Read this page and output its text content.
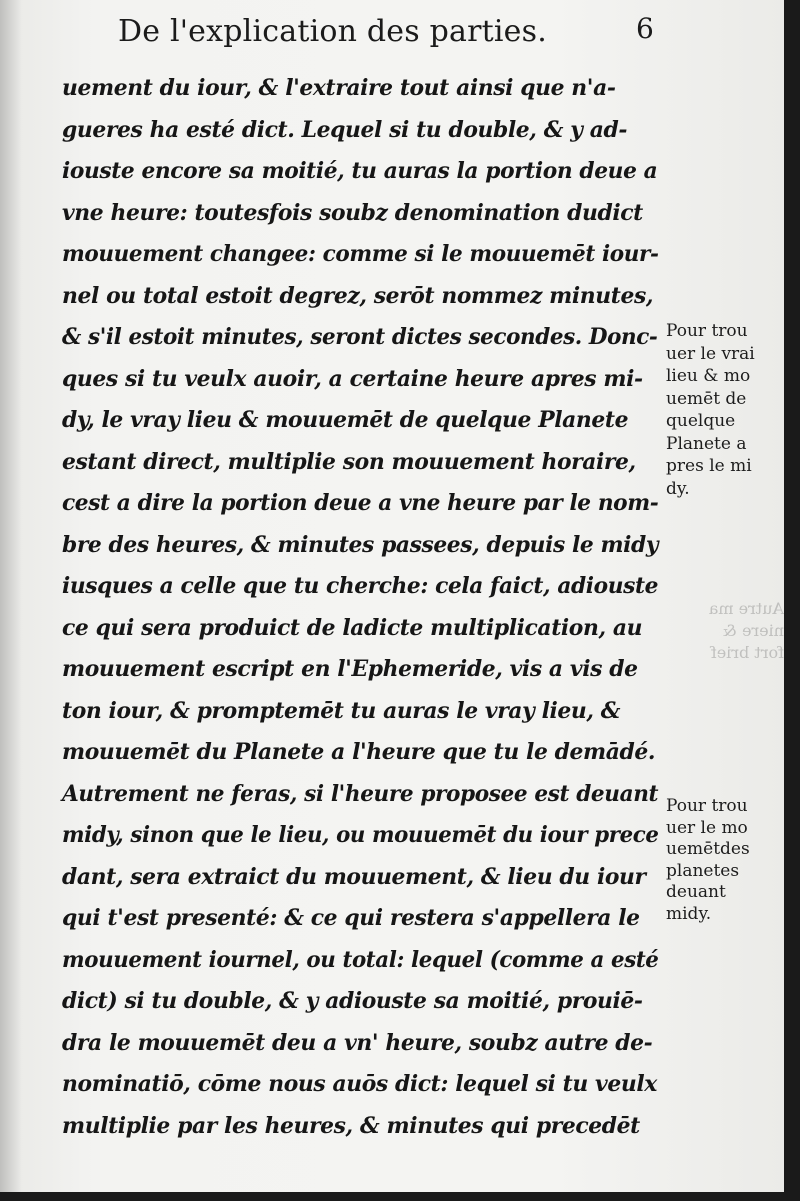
De l'explication des parties.	6
uement du iour, & l'extraire tout ainsi que n'a-
gueres ha esté dict. Lequel si tu double, & y ad-
iouste encore sa moitié, tu auras la portion deue a
vne heure: toutesfois soubz denomination dudict
mouuement changee: comme si le mouuemēt iour-
nel ou total estoit degrez, serōt nommez minutes,
& s'il estoit minutes, seront dictes secondes. Donc-
ques si tu veulx auoir, a certaine heure apres mi-
dy, le vray lieu & mouuemēt de quelque Planete
estant direct, multiplie son mouuement horaire,
cest a dire la portion deue a vne heure par le nom-
bre des heures, & minutes passees, depuis le midy
iusques a celle que tu cherche: cela faict, adiouste
ce qui sera produict de ladicte multiplication, au
mouuement escript en l'Ephemeride, vis a vis de
ton iour, & promptemēt tu auras le vray lieu, &
mouuemēt du Planete a l'heure que tu le demādé.
Autrement ne feras, si l'heure proposee est deuant
midy, sinon que le lieu, ou mouuemēt du iour prece
dant, sera extraict du mouuement, & lieu du iour
qui t'est presenté: & ce qui restera s'appellera le
mouuement iournel, ou total: lequel (comme a esté
dict) si tu double, & y adiouste sa moitié, prouiē-
dra le mouuemēt deu a vn' heure, soubz autre de-
nominatiō, cōme nous auōs dict: lequel si tu veulx
multiplie par les heures, & minutes qui precedēt
Pour trou
uer le vrai
lieu & mo
uemēt de
quelque
Planete a
pres le mi
dy.
Autre ma
niere &
fort brief
Pour trou
uer le mo
uemētdes
planetes
deuant
midy.
